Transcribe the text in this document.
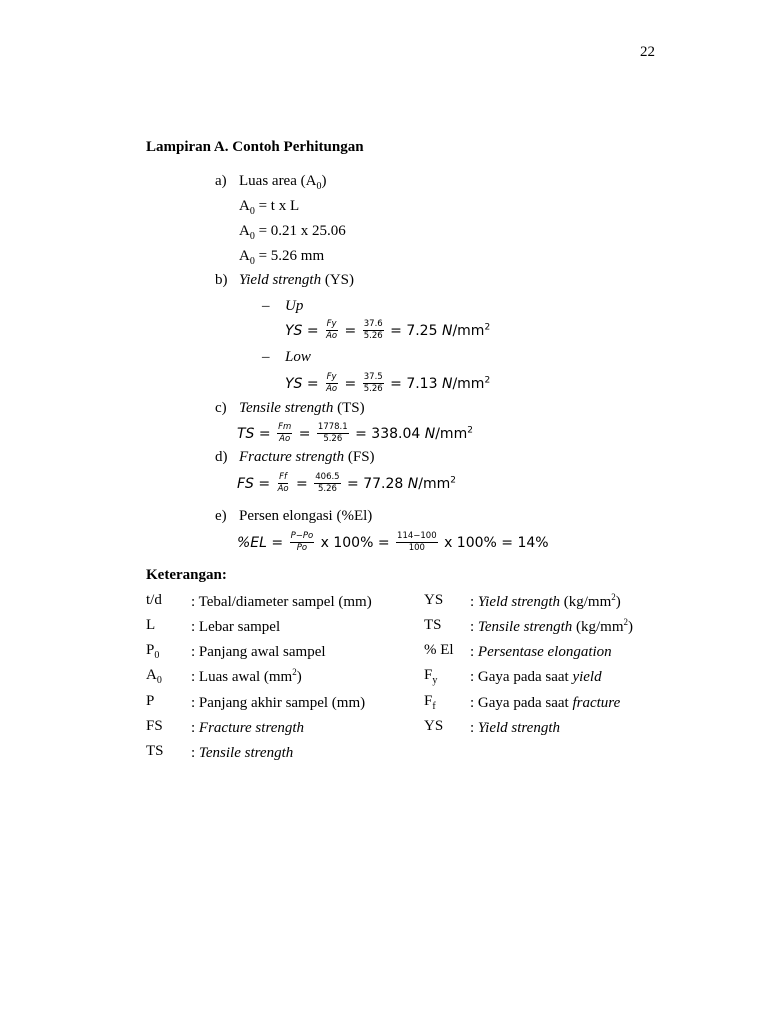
22
Lampiran A. Contoh Perhitungan
a) Luas area $(A_0)$
$A_0 = t$ x L
$A_0 = 0.21$ x 25.06
$A_0 = 5.26$ mm
b) Yield strength (YS)
– Up
YS = $\frac{Fy}{Ao} = \frac{37.6}{5.26} = 7.25$ $N/mm^2$
– Low
YS = $\frac{Fy}{Ao} = \frac{37.5}{5.26} = 7.13$ $N/mm^2$
c) Tensile strength (TS)
TS = $\frac{Fm}{Ao} = \frac{1778.1}{5.26} = 338.04$ $N/mm^2$
d) Fracture strength (FS)
FS = $\frac{Ff}{Ao} = \frac{406.5}{5.26} = 77.28$ $N/mm^2$
e) Persen elongasi (%El)
$\%EL = \frac{P-Po}{Po}$ x $100\% = \frac{114-100}{100}$ x 100% = 14%
Keterangan:
t/d : Tebal/diameter sampel (mm)
L : Lebar sampel
$P_0$ : Panjang awal sampel
$A_0$ : Luas awal $(mm^2)$
P : Panjang akhir sampel (mm)
FS : Fracture strength
TS : Tensile strength
YS : Yield strength $(kg/mm^2)$
TS : Tensile strength $(kg/mm^2)$
% El : Persentase elongation
$F_y$ : Gaya pada saat yield
$F_f$ : Gaya pada saat fracture
YS : Yield strength
